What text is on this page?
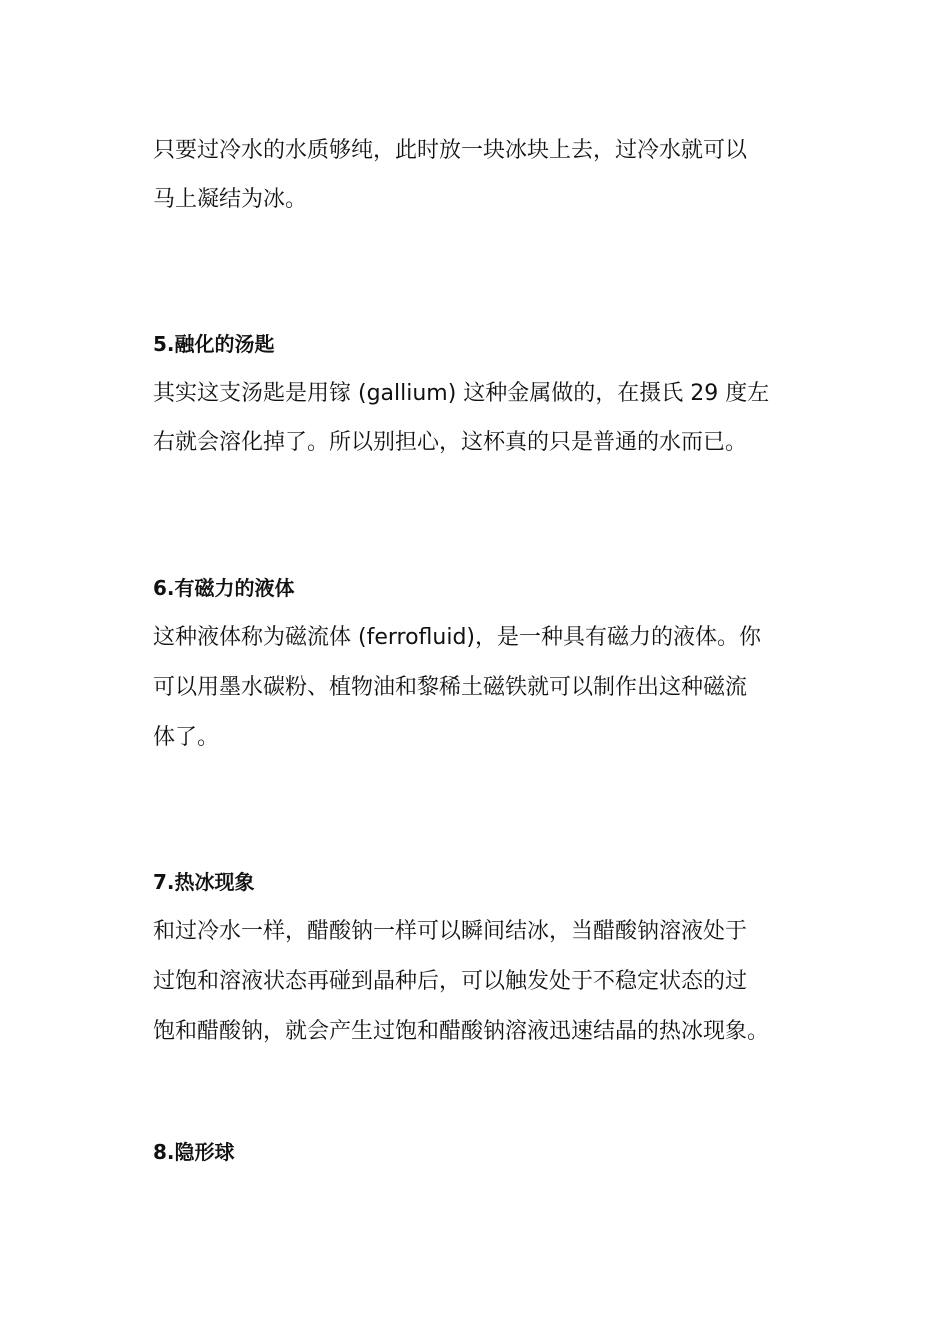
只要过冷水的水质够纯，此时放一块冰块上去，过冷水就可以

马上凝结为冰。

5.融化的汤匙

其实这支汤匙是用镓 (gallium) 这种金属做的，在摄氏 29 度左

右就会溶化掉了。所以别担心，这杯真的只是普通的水而已。

6.有磁力的液体

这种液体称为磁流体 (ferrofluid)，是一种具有磁力的液体。你

可以用墨水碳粉、植物油和黎稀土磁铁就可以制作出这种磁流

体了。

7.热冰现象

和过冷水一样，醋酸钠一样可以瞬间结冰，当醋酸钠溶液处于

过饱和溶液状态再碰到晶种后，可以触发处于不稳定状态的过

饱和醋酸钠，就会产生过饱和醋酸钠溶液迅速结晶的热冰现象。

8.隐形球
